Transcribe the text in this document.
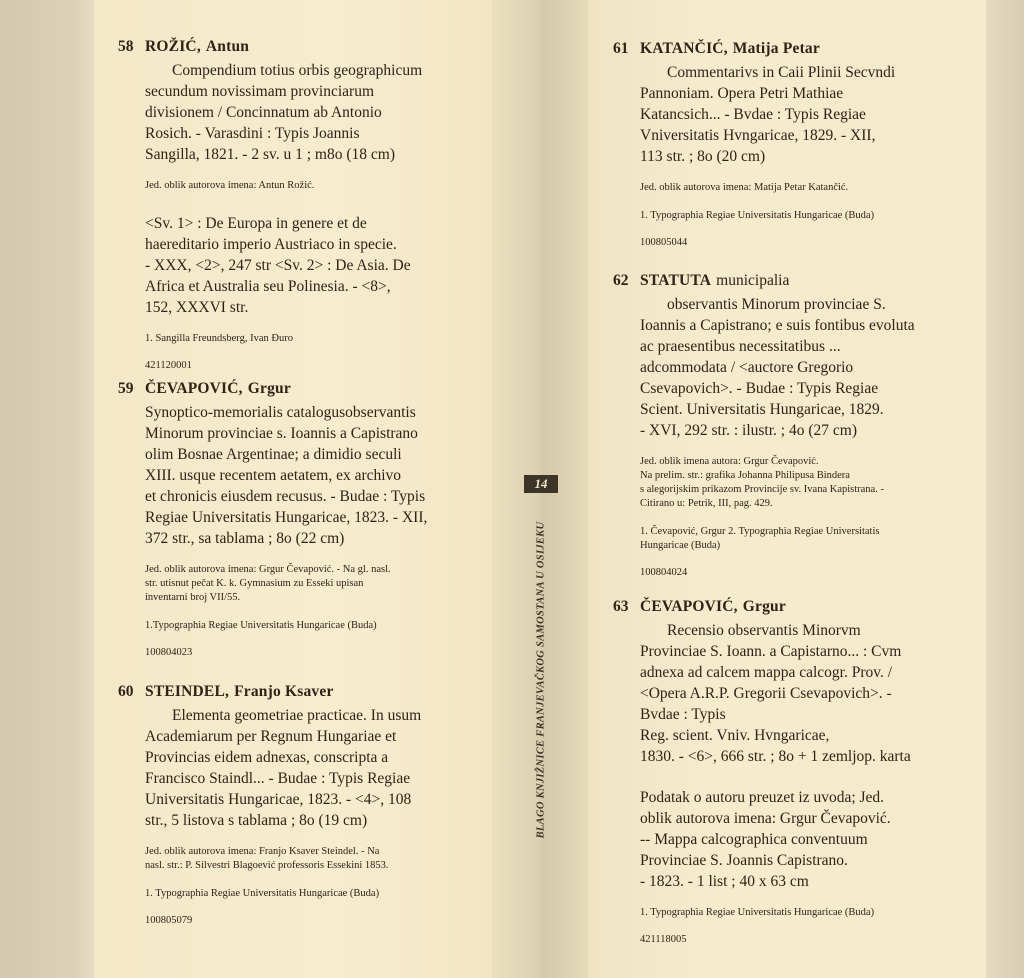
58 ROŽIĆ, Antun
Compendium totius orbis geographicum
secundum novissimam provinciarum
divisionem / Concinnatum ab Antonio
Rosich. - Varasdini : Typis Joannis
Sangilla, 1821. - 2 sv. u 1 ; m8o (18 cm)
Jed. oblik autorova imena: Antun Rožić.
<Sv. 1> : De Europa in genere et de
haereditario imperio Austriaco in specie.
- XXX, <2>, 247 str <Sv. 2> : De Asia. De
Africa et Australia seu Polinesia. - <8>,
152, XXXVI str.
1. Sangilla Freundsberg, Ivan Đuro
421120001
59 ČEVAPOVIĆ, Grgur
Synoptico-memorialis catalogusobservantis
Minorum provinciae s. Ioannis a Capistrano
olim Bosnae Argentinae; a dimidio seculi
XIII. usque recentem aetatem, ex archivo
et chronicis eiusdem recusus. - Budae : Typis
Regiae Universitatis Hungaricae, 1823. - XII,
372 str., sa tablama ; 8o (22 cm)
Jed. oblik autorova imena: Grgur Čevapović. - Na gl. nasl.
str. utisnut pečat K. k. Gymnasium zu Esseki upisan
inventarni broj VII/55.
1.Typographia Regiae Universitatis Hungaricae (Buda)
100804023
60 STEINDEL, Franjo Ksaver
Elementa geometriae practicae. In usum
Academiarum per Regnum Hungariae et
Provincias eidem adnexas, conscripta a
Francisco Staindl... - Budae : Typis Regiae
Universitatis Hungaricae, 1823. - <4>, 108
str., 5 listova s tablama ; 8o (19 cm)
Jed. oblik autorova imena: Franjo Ksaver Steindel. - Na
nasl. str.: P. Silvestri Blagoević professoris Essekini 1853.
1. Typographia Regiae Universitatis Hungaricae (Buda)
100805079
61 KATANČIĆ, Matija Petar
Commentarivs in Caii Plinii Secvndi
Pannoniam. Opera Petri Mathiae
Katancsich... - Bvdae : Typis Regiae
Vniversitatis Hvngaricae, 1829. - XII,
113 str. ; 8o (20 cm)
Jed. oblik autorova imena: Matija Petar Katančić.
1. Typographia Regiae Universitatis Hungaricae (Buda)
100805044
62 STATUTA municipalia
observantis Minorum provinciae S.
Ioannis a Capistrano; e suis fontibus evoluta
ac praesentibus necessitatibus ...
adcommodata / <auctore Gregorio
Csevapovich>. - Budae : Typis Regiae
Scient. Universitatis Hungaricae, 1829.
- XVI, 292 str. : ilustr. ; 4o (27 cm)
Jed. oblik imena autora: Grgur Čevapović.
Na prelim. str.: grafika Johanna Philipusa Bindera
s alegorijskim prikazom Provincije sv. Ivana Kapistrana. -
Citirano u: Petrik, III, pag. 429.
1. Čevapović, Grgur 2. Typographia Regiae Universitatis
Hungaricae (Buda)
100804024
63 ČEVAPOVIĆ, Grgur
Recensio observantis Minorvm
Provinciae S. Ioann. a Capistarno... : Cvm
adnexa ad calcem mappa calcogr. Prov. /
<Opera A.R.P. Gregorii Csevapovich>. -
Bvdae : Typis
Reg. scient. Vniv. Hvngaricae,
1830. - <6>, 666 str. ; 8o + 1 zemljop. karta
Podatak o autoru preuzet iz uvoda; Jed.
oblik autorova imena: Grgur Čevapović.
-- Mappa calcographica conventuum
Provinciae S. Joannis Capistrano.
- 1823. - 1 list ; 40 x 63 cm
1. Typographia Regiae Universitatis Hungaricae (Buda)
421118005
14
BLAGO KNJIŽNICE FRANJEVAČKOG SAMOSTANA U OSIJEKU
